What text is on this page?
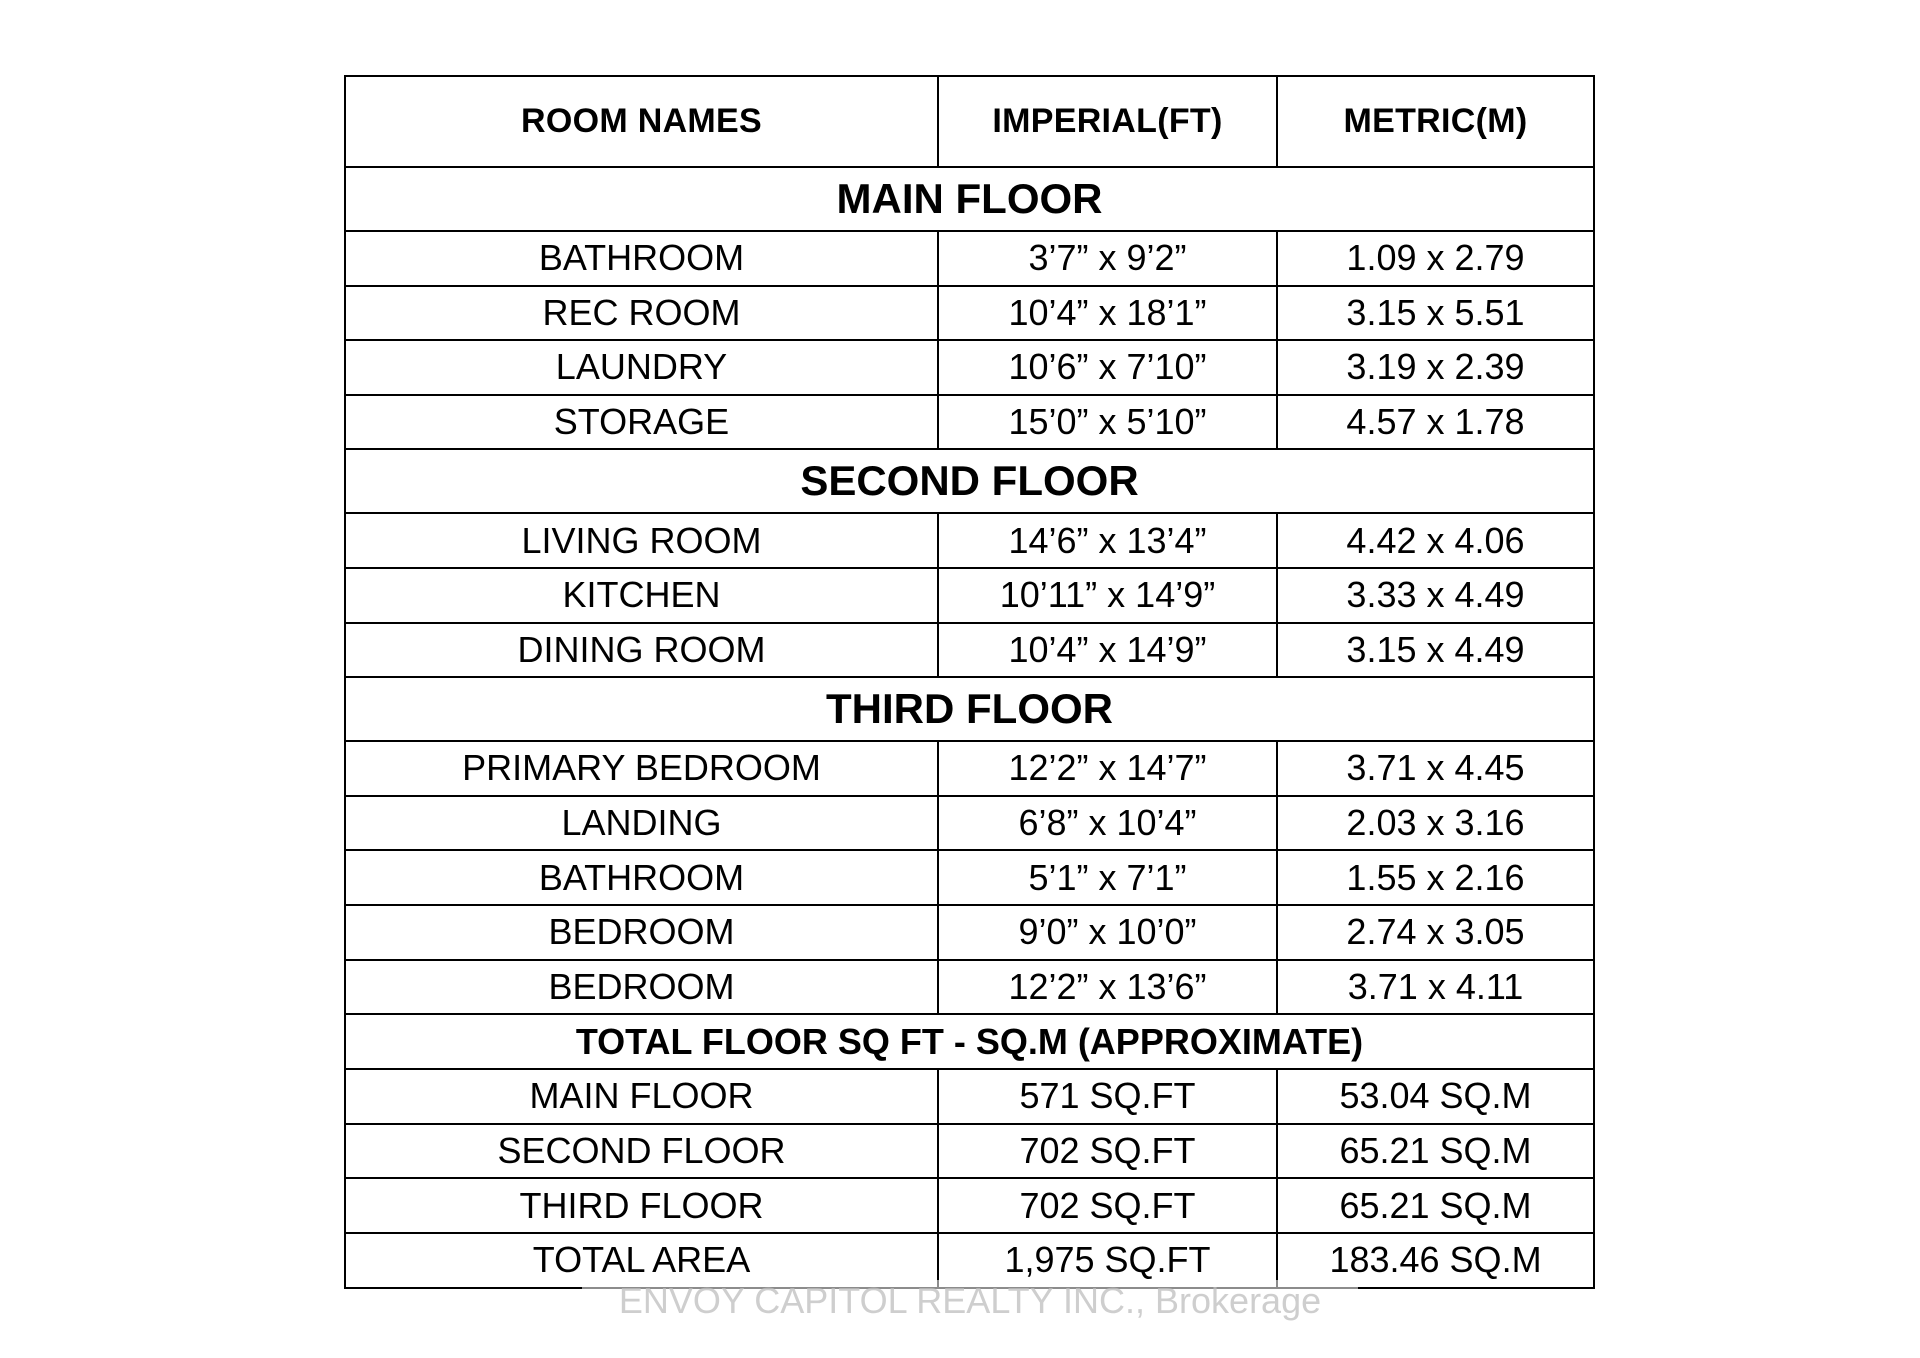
ROOM NAMES	IMPERIAL(FT)	METRIC(M)
MAIN FLOOR		
BATHROOM	3’7” x 9’2”	1.09 x 2.79
REC ROOM	10’4” x 18’1”	3.15 x 5.51
LAUNDRY	10’6” x 7’10”	3.19 x 2.39
STORAGE	15’0” x 5’10”	4.57 x 1.78
SECOND FLOOR		
LIVING ROOM	14’6” x 13’4”	4.42 x 4.06
KITCHEN	10’11” x 14’9”	3.33 x 4.49
DINING ROOM	10’4” x 14’9”	3.15 x 4.49
THIRD FLOOR		
PRIMARY BEDROOM	12’2” x 14’7”	3.71 x 4.45
LANDING	6’8” x 10’4”	2.03 x 3.16
BATHROOM	5’1” x 7’1”	1.55 x 2.16
BEDROOM	9’0” x 10’0”	2.74 x 3.05
BEDROOM	12’2” x 13’6”	3.71 x 4.11
TOTAL FLOOR SQ FT - SQ.M (APPROXIMATE)		
MAIN FLOOR	571 SQ.FT	53.04 SQ.M
SECOND FLOOR	702 SQ.FT	65.21 SQ.M
THIRD FLOOR	702 SQ.FT	65.21 SQ.M
TOTAL AREA	1,975 SQ.FT	183.46 SQ.M
ENVOY CAPITOL REALTY INC., Brokerage
